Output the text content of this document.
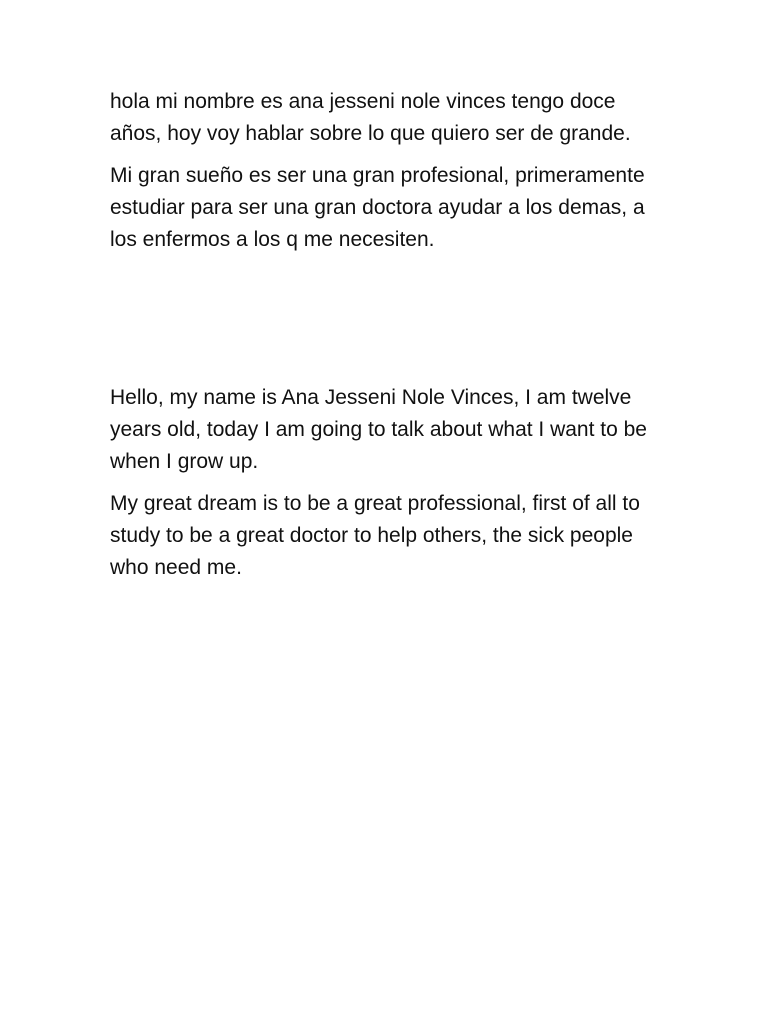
hola mi nombre es ana jesseni nole vinces tengo doce años, hoy voy hablar sobre lo que quiero ser de grande.

Mi gran sueño es ser una gran profesional, primeramente estudiar para ser una gran doctora ayudar a los demas, a los enfermos a los q me necesiten.

Hello, my name is Ana Jesseni Nole Vinces, I am twelve years old, today I am going to talk about what I want to be when I grow up.

My great dream is to be a great professional, first of all to study to be a great doctor to help others, the sick people who need me.
